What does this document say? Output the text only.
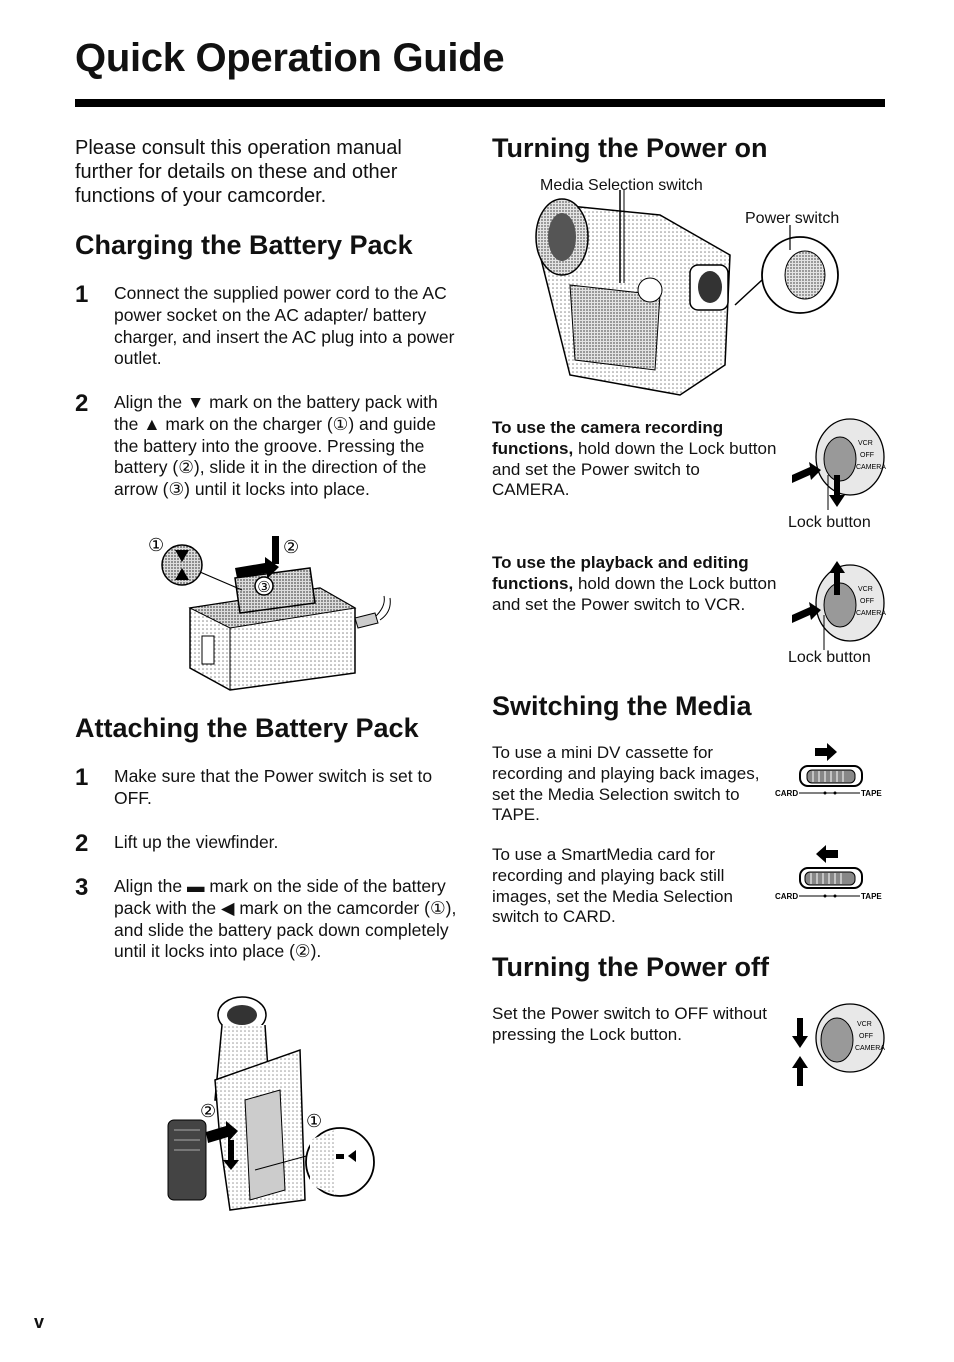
Quick Operation Guide

Please consult this operation manual further for details on these and other functions of your camcorder.

Charging the Battery Pack
1 Connect the supplied power cord to the AC power socket on the AC adapter/ battery charger, and insert the AC plug into a power outlet.
2 Align the ▼ mark on the battery pack with the ▲ mark on the charger (①) and guide the battery into the groove. Pressing the battery (②), slide it in the direction of the arrow (③) until it locks into place.
③
①	②
Attaching the Battery Pack
1 Make sure that the Power switch is set to OFF.
2 Lift up the viewfinder.
3 Align the ▬ mark on the side of the battery pack with the ◀ mark on the camcorder (①), and slide the battery pack down completely until it locks into place (②).
②	①
Turning the Power on
Media Selection switch
Power switch
To use the camera recording functions, hold down the Lock button and set the Power switch to CAMERA.
VCR
OFF
CAMERA
Lock button
To use the playback and editing functions, hold down the Lock button and set the Power switch to VCR.
VCR
OFF
CAMERA
Lock button
Switching the Media
To use a mini DV cassette for recording and playing back images, set the Media Selection switch to TAPE.
CARD	TAPE
To use a SmartMedia card for recording and playing back still images, set the Media Selection switch to CARD.
CARD	TAPE
Turning the Power off
Set the Power switch to OFF without pressing the Lock button.
VCR
OFF
CAMERA
v
